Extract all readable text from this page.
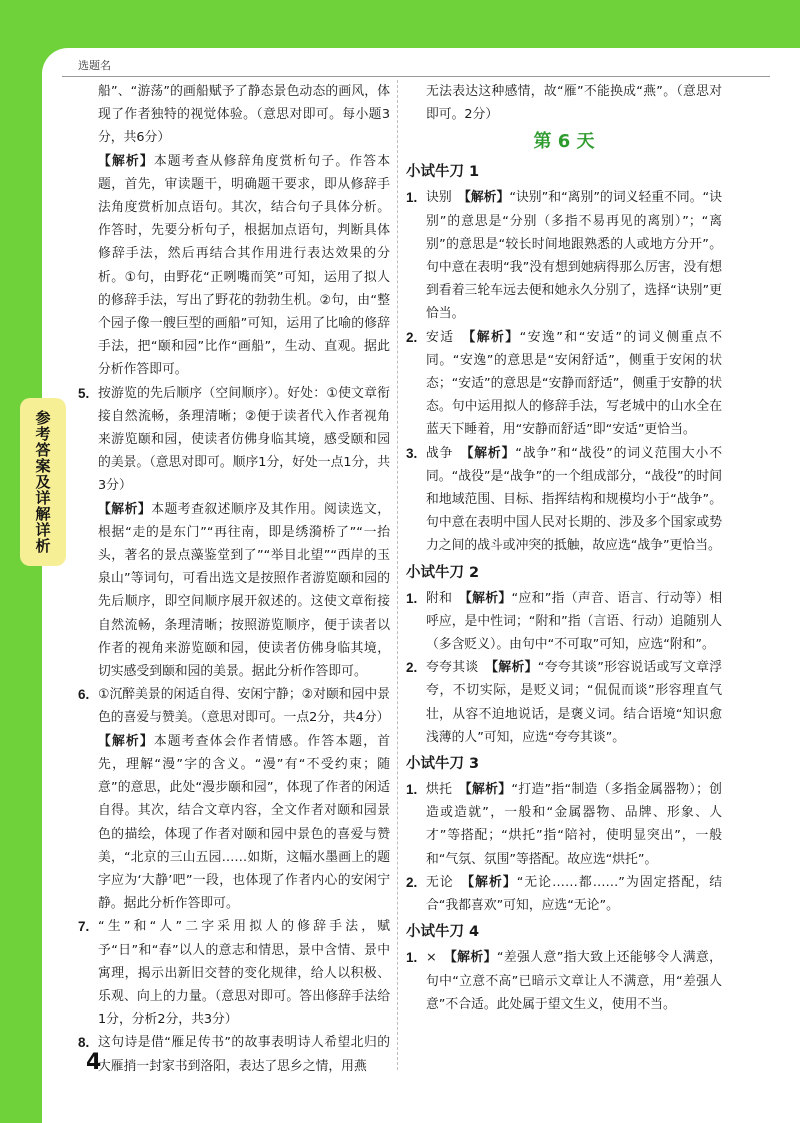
选题名
参考答案及详解详析
4

船”、“游荡”的画船赋予了静态景色动态的画风，体现了作者独特的视觉体验。（意思对即可。每小题3分，共6分）

【解析】本题考查从修辞角度赏析句子。作答本题，首先，审读题干，明确题干要求，即从修辞手法角度赏析加点语句。其次，结合句子具体分析。作答时，先要分析句子，根据加点语句，判断具体修辞手法，然后再结合其作用进行表达效果的分析。①句，由野花“正咧嘴而笑”可知，运用了拟人的修辞手法，写出了野花的勃勃生机。②句，由“整个园子像一艘巨型的画船”可知，运用了比喻的修辞手法，把“颐和园”比作“画船”，生动、直观。据此分析作答即可。

5. 按游览的先后顺序（空间顺序）。好处：①使文章衔接自然流畅，条理清晰；②便于读者代入作者视角来游览颐和园，使读者仿佛身临其境，感受颐和园的美景。（意思对即可。顺序1分，好处一点1分，共3分）

【解析】本题考查叙述顺序及其作用。阅读选文，根据“走的是东门”“再往南，即是绣漪桥了”“一抬头，著名的景点藻鉴堂到了”“举目北望”“西岸的玉泉山”等词句，可看出选文是按照作者游览颐和园的先后顺序，即空间顺序展开叙述的。这使文章衔接自然流畅，条理清晰；按照游览顺序，便于读者以作者的视角来游览颐和园，使读者仿佛身临其境，切实感受到颐和园的美景。据此分析作答即可。

6. ①沉醉美景的闲适自得、安闲宁静；②对颐和园中景色的喜爱与赞美。（意思对即可。一点2分，共4分）

【解析】本题考查体会作者情感。作答本题，首先，理解“漫”字的含义。“漫”有“不受约束；随意”的意思，此处“漫步颐和园”，体现了作者的闲适自得。其次，结合文章内容，全文作者对颐和园景色的描绘，体现了作者对颐和园中景色的喜爱与赞美，“北京的三山五园……如斯，这幅水墨画上的题字应为‘大静’吧”一段，也体现了作者内心的安闲宁静。据此分析作答即可。

7. “生”和“人”二字采用拟人的修辞手法，赋予“日”和“春”以人的意志和情思，景中含情、景中寓理，揭示出新旧交替的变化规律，给人以积极、乐观、向上的力量。（意思对即可。答出修辞手法给1分，分析2分，共3分）
8. 这句诗是借“雁足传书”的故事表明诗人希望北归的大雁捎一封家书到洛阳，表达了思乡之情，用燕

无法表达这种感情，故“雁”不能换成“燕”。（意思对即可。2分）

第 6 天
小试牛刀 1
1. 诀别　【解析】“诀别”和“离别”的词义轻重不同。“诀别”的意思是“分别（多指不易再见的离别）”；“离别”的意思是“较长时间地跟熟悉的人或地方分开”。句中意在表明“我”没有想到她病得那么厉害，没有想到看着三轮车远去便和她永久分别了，选择“诀别”更恰当。
2. 安适　【解析】“安逸”和“安适”的词义侧重点不同。“安逸”的意思是“安闲舒适”，侧重于安闲的状态；“安适”的意思是“安静而舒适”，侧重于安静的状态。句中运用拟人的修辞手法，写老城中的山水全在蓝天下睡着，用“安静而舒适”即“安适”更恰当。
3. 战争　【解析】“战争”和“战役”的词义范围大小不同。“战役”是“战争”的一个组成部分，“战役”的时间和地域范围、目标、指挥结构和规模均小于“战争”。句中意在表明中国人民对长期的、涉及多个国家或势力之间的战斗或冲突的抵触，故应选“战争”更恰当。
小试牛刀 2
1. 附和　【解析】“应和”指（声音、语言、行动等）相呼应，是中性词；“附和”指（言语、行动）追随别人（多含贬义）。由句中“不可取”可知，应选“附和”。
2. 夸夸其谈　【解析】“夸夸其谈”形容说话或写文章浮夸，不切实际，是贬义词；“侃侃而谈”形容理直气壮，从容不迫地说话，是褒义词。结合语境“知识愈浅薄的人”可知，应选“夸夸其谈”。
小试牛刀 3
1. 烘托　【解析】“打造”指“制造（多指金属器物）；创造或造就”，一般和“金属器物、品牌、形象、人才”等搭配；“烘托”指“陪衬，使明显突出”，一般和“气氛、氛围”等搭配。故应选“烘托”。
2. 无论　【解析】“无论……都……”为固定搭配，结合“我都喜欢”可知，应选“无论”。
小试牛刀 4
1. ×　【解析】“差强人意”指大致上还能够令人满意，句中“立意不高”已暗示文章让人不满意，用“差强人意”不合适。此处属于望文生义，使用不当。
